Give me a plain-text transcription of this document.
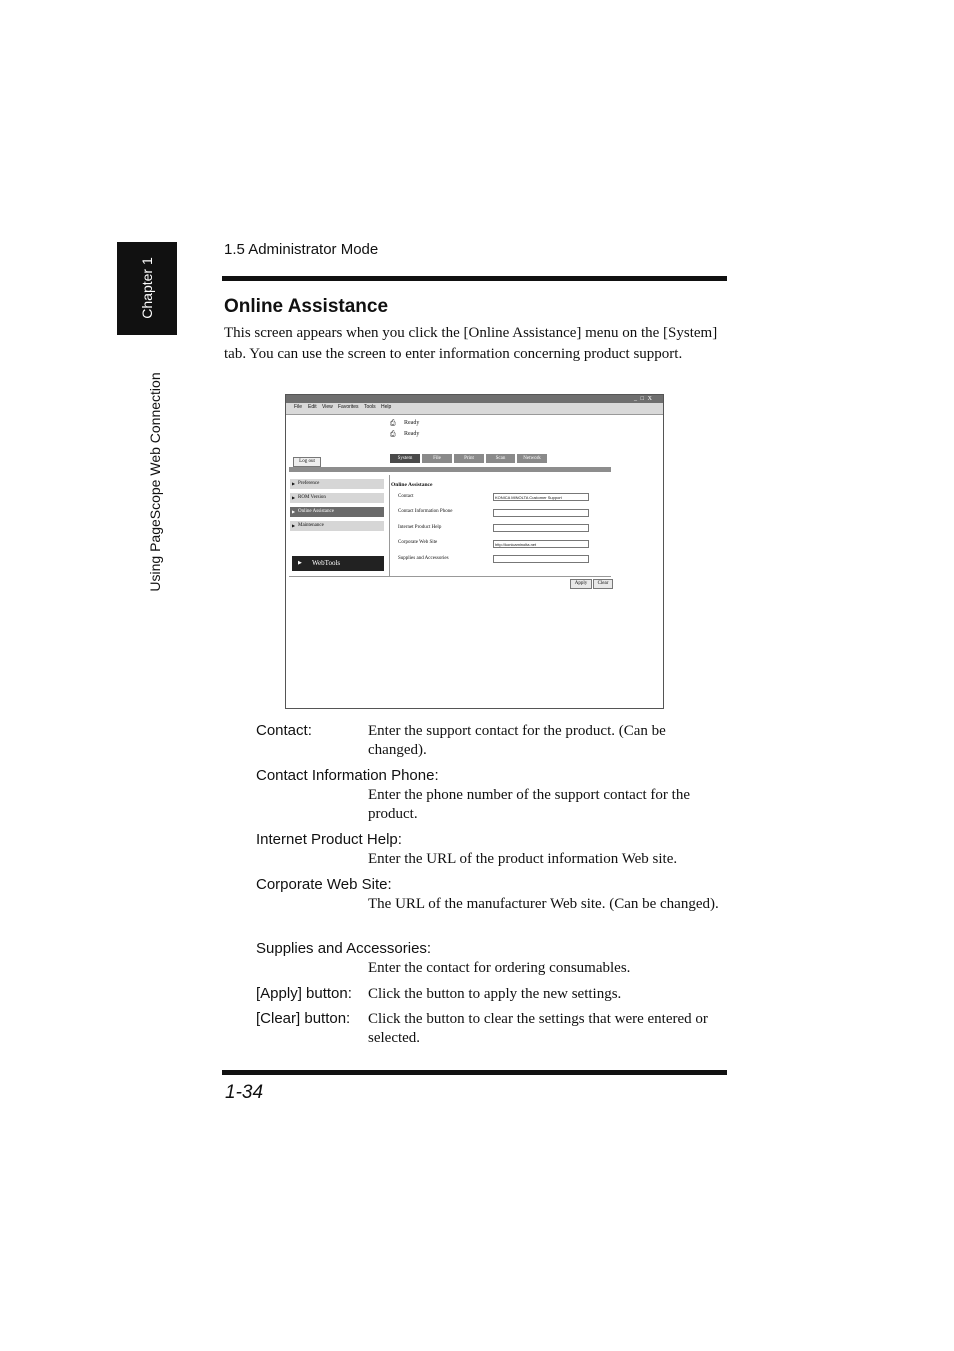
Chapter 1
Using PageScope Web Connection
1.5 Administrator Mode
Online Assistance
This screen appears when you click the [Online Assistance] menu on the [System] tab. You can use the screen to enter information concerning product support.
_ □ X
File Edit View Favorites Tools Help
⎙ Ready
⎙ Ready
Log out
System	File	Print	Scan	Network
▶ Preference
▶ ROM Version
▶ Online Assistance
▶ Maintenance
▶ WebTools
Online Assistance
Contact	KONICA MINOLTA Customer Support
Contact Information Phone
Internet Product Help
Corporate Web Site	http://konicaminolta.net
Supplies and Accessories
Apply	Clear
Contact:	Enter the support contact for the product. (Can be changed).
Contact Information Phone:
Enter the phone number of the support contact for the product.
Internet Product Help:
Enter the URL of the product information Web site.
Corporate Web Site:
The URL of the manufacturer Web site. (Can be changed).
Supplies and Accessories:
Enter the contact for ordering consumables.
[Apply] button: Click the button to apply the new settings.
[Clear] button: Click the button to clear the settings that were entered or selected.
1-34
